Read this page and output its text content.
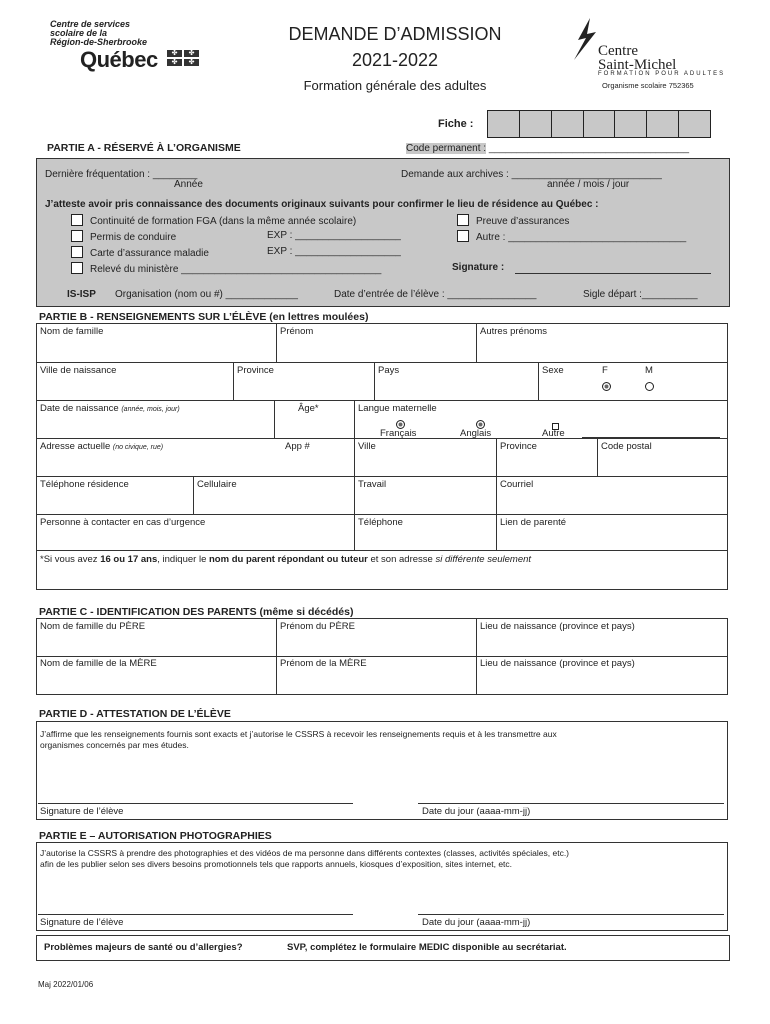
Centre de services
scolaire de la
Région-de-Sherbrooke
Québec	✤	✤
✤	✤
DEMANDE D’ADMISSION
2021-2022
Formation générale des adultes
Centre
Saint-Michel
FORMATION POUR ADULTES
Organisme scolaire 752365
Fiche :
PARTIE A - RÉSERVÉ À L’ORGANISME	Code permanent : ____________________________________
Dernière fréquentation : ________
Année
Demande aux archives : ___________________________
année / mois / jour
J’atteste avoir pris connaissance des documents originaux suivants pour confirmer le lieu de résidence au Québec :
Continuité de formation FGA (dans la même année scolaire)
Permis de conduire
Carte d’assurance maladie
Relevé du ministère ____________________________________
EXP : ___________________
EXP : ___________________
Preuve d’assurances
Autre : ________________________________
Signature :
IS-ISP Organisation (nom ou #) _____________	Date d’entrée de l’élève : ________________	Sigle départ :__________
PARTIE B - RENSEIGNEMENTS SUR L’ÉLÈVE (en lettres moulées)
Nom de famille	Prénom	Autres prénoms
Ville de naissance	Province	Pays	Sexe	F	M
Date de naissance (année, mois, jour)	Âge*	Langue maternelle
Français	Anglais	Autre
Adresse actuelle (no civique, rue)	App #	Ville	Province	Code postal
Téléphone résidence	Cellulaire	Travail	Courriel
Personne à contacter en cas d’urgence	Téléphone	Lien de parenté
*Si vous avez 16 ou 17 ans, indiquer le nom du parent répondant ou tuteur et son adresse si différente seulement
PARTIE C - IDENTIFICATION DES PARENTS (même si décédés)
Nom de famille du PÈRE	Prénom du PÈRE	Lieu de naissance (province et pays)
Nom de famille de la MÈRE	Prénom de la MÈRE	Lieu de naissance (province et pays)
PARTIE D - ATTESTATION DE L’ÉLÈVE
J’affirme que les renseignements fournis sont exacts et j’autorise le CSSRS à recevoir les renseignements requis et à les transmettre aux
organismes concernés par mes études.
Signature de l’élève	Date du jour (aaaa-mm-jj)
PARTIE E – AUTORISATION PHOTOGRAPHIES
J’autorise la CSSRS à prendre des photographies et des vidéos de ma personne dans différents contextes (classes, activités spéciales, etc.)
afin de les publier selon ses divers besoins promotionnels tels que rapports annuels, kiosques d’exposition, sites internet, etc.
Signature de l’élève	Date du jour (aaaa-mm-jj)
Problèmes majeurs de santé ou d’allergies?	SVP, complétez le formulaire MEDIC disponible au secrétariat.
Maj 2022/01/06
